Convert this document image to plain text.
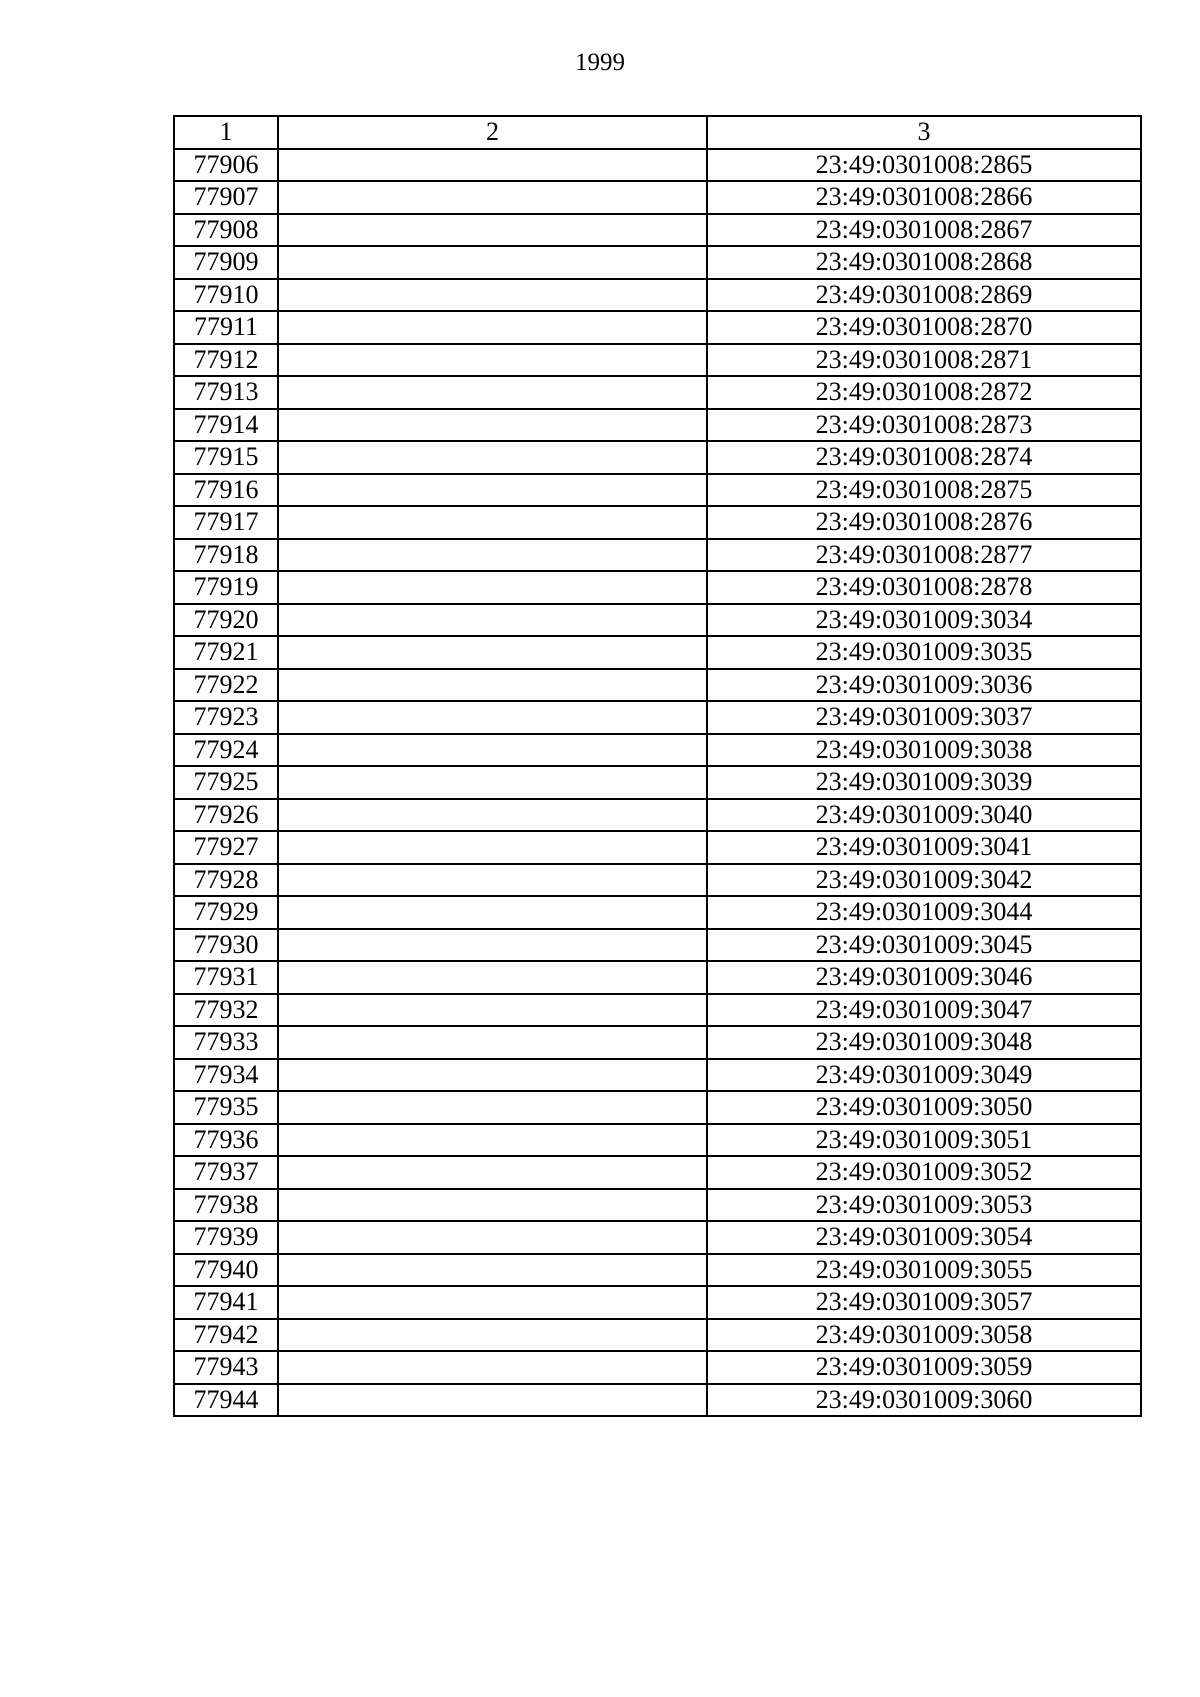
1999
1	2	3
77906		23:49:0301008:2865
77907		23:49:0301008:2866
77908		23:49:0301008:2867
77909		23:49:0301008:2868
77910		23:49:0301008:2869
77911		23:49:0301008:2870
77912		23:49:0301008:2871
77913		23:49:0301008:2872
77914		23:49:0301008:2873
77915		23:49:0301008:2874
77916		23:49:0301008:2875
77917		23:49:0301008:2876
77918		23:49:0301008:2877
77919		23:49:0301008:2878
77920		23:49:0301009:3034
77921		23:49:0301009:3035
77922		23:49:0301009:3036
77923		23:49:0301009:3037
77924		23:49:0301009:3038
77925		23:49:0301009:3039
77926		23:49:0301009:3040
77927		23:49:0301009:3041
77928		23:49:0301009:3042
77929		23:49:0301009:3044
77930		23:49:0301009:3045
77931		23:49:0301009:3046
77932		23:49:0301009:3047
77933		23:49:0301009:3048
77934		23:49:0301009:3049
77935		23:49:0301009:3050
77936		23:49:0301009:3051
77937		23:49:0301009:3052
77938		23:49:0301009:3053
77939		23:49:0301009:3054
77940		23:49:0301009:3055
77941		23:49:0301009:3057
77942		23:49:0301009:3058
77943		23:49:0301009:3059
77944		23:49:0301009:3060
